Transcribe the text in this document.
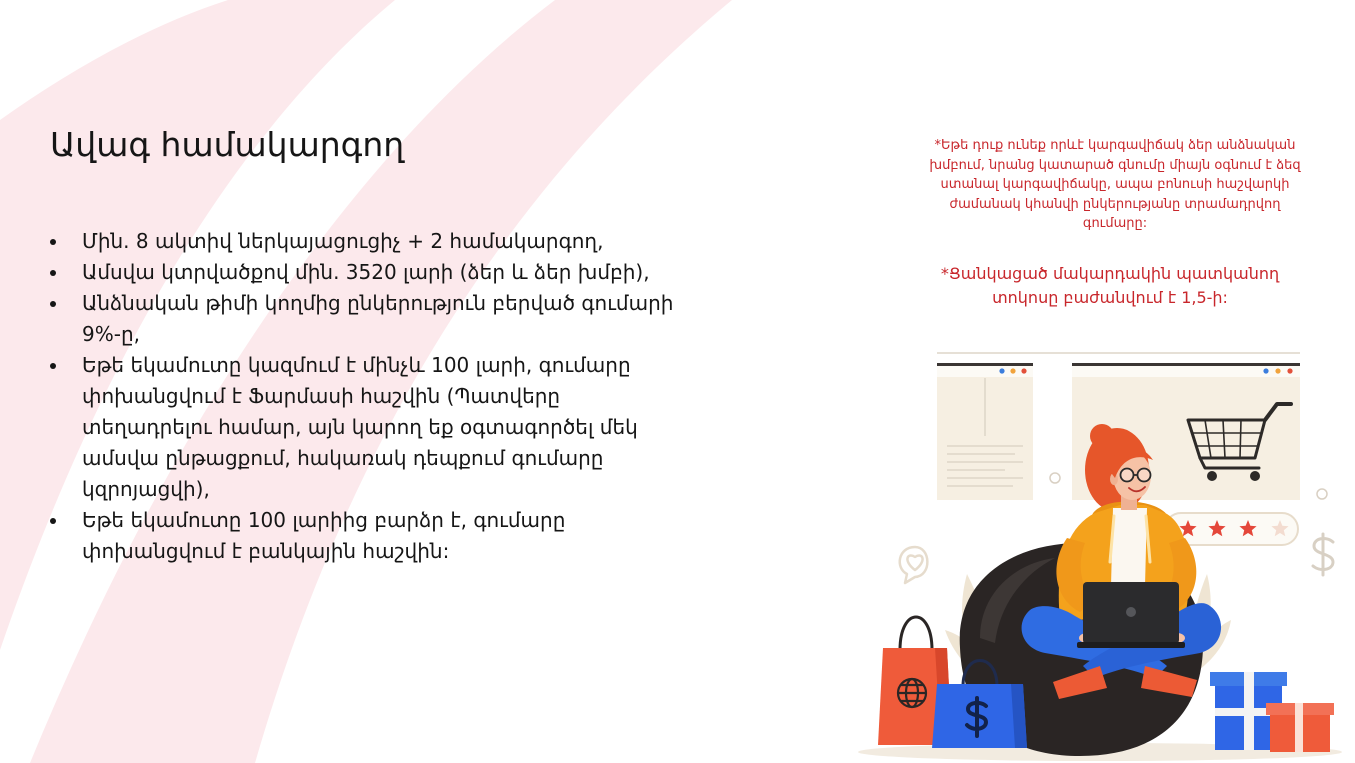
Ավագ համակարգող
Մին. 8 ակտիվ ներկայացուցիչ + 2 համակարգող,
Ամսվա կտրվածքով մին. 3520 լարի (ձեր և ձեր խմբի),
Անձնական թիմի կողմից ընկերություն բերված գումարի 9%-ը,
Եթե եկամուտը կազմում է մինչև 100 լարի, գումարը փոխանցվում է Ֆարմասի հաշվին (Պատվերը տեղադրելու համար, այն կարող եք օգտագործել մեկ ամսվա ընթացքում, հակառակ դեպքում գումարը կզրոյացվի),
Եթե եկամուտը 100 լարիից բարձր է, գումարը փոխանցվում է բանկային հաշվին:
*Եթե դուք ունեք որևէ կարգավիճակ ձեր անձնական խմբում, նրանց կատարած գնումը միայն օգնում է ձեզ ստանալ կարգավիճակը, ապա բոնուսի հաշվարկի ժամանակ կհանվի ընկերությանը տրամադրվող գումարը:
*Ցանկացած մակարդակին պատկանող տոկոսը բաժանվում է 1,5-ի:
